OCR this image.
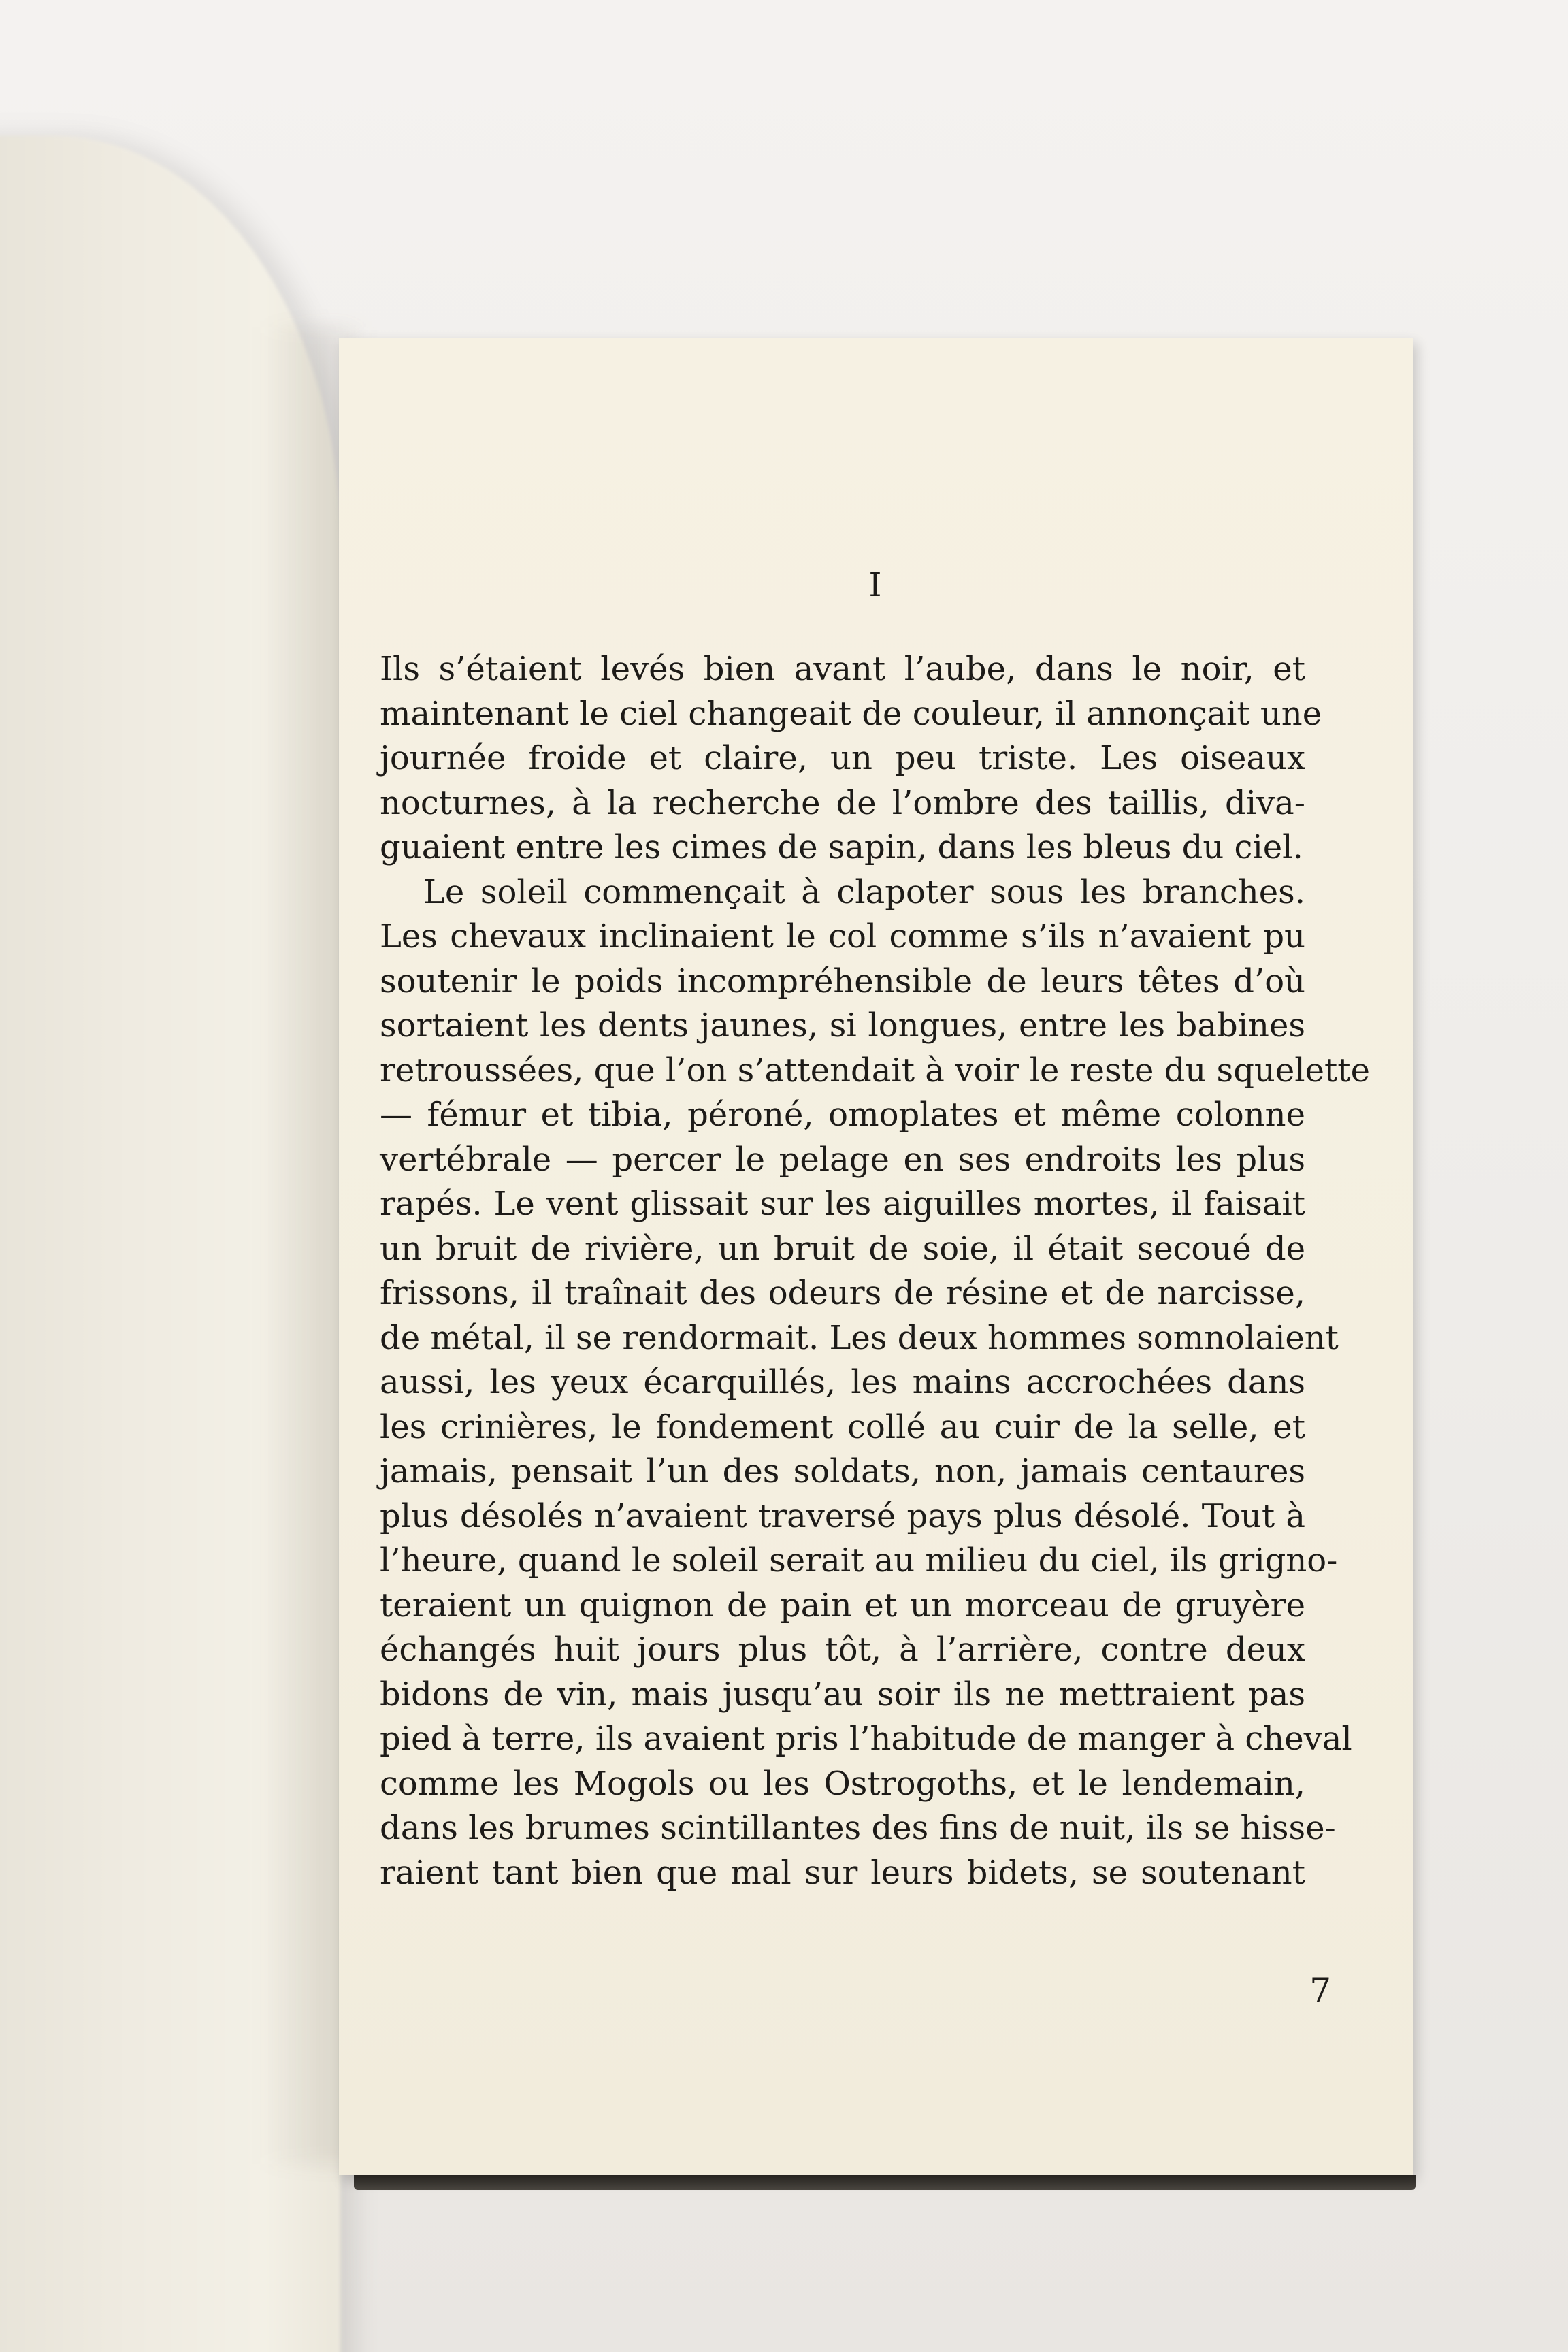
I
Ils s’étaient levés bien avant l’aube, dans le noir, et
maintenant le ciel changeait de couleur, il annonçait une
journée froide et claire, un peu triste. Les oiseaux
nocturnes, à la recherche de l’ombre des taillis, diva-
guaient entre les cimes de sapin, dans les bleus du ciel.
Le soleil commençait à clapoter sous les branches.
Les chevaux inclinaient le col comme s’ils n’avaient pu
soutenir le poids incompréhensible de leurs têtes d’où
sortaient les dents jaunes, si longues, entre les babines
retroussées, que l’on s’attendait à voir le reste du squelette
— fémur et tibia, péroné, omoplates et même colonne
vertébrale — percer le pelage en ses endroits les plus
rapés. Le vent glissait sur les aiguilles mortes, il faisait
un bruit de rivière, un bruit de soie, il était secoué de
frissons, il traînait des odeurs de résine et de narcisse,
de métal, il se rendormait. Les deux hommes somnolaient
aussi, les yeux écarquillés, les mains accrochées dans
les crinières, le fondement collé au cuir de la selle, et
jamais, pensait l’un des soldats, non, jamais centaures
plus désolés n’avaient traversé pays plus désolé. Tout à
l’heure, quand le soleil serait au milieu du ciel, ils grigno-
teraient un quignon de pain et un morceau de gruyère
échangés huit jours plus tôt, à l’arrière, contre deux
bidons de vin, mais jusqu’au soir ils ne mettraient pas
pied à terre, ils avaient pris l’habitude de manger à cheval
comme les Mogols ou les Ostrogoths, et le lendemain,
dans les brumes scintillantes des fins de nuit, ils se hisse-
raient tant bien que mal sur leurs bidets, se soutenant
7
